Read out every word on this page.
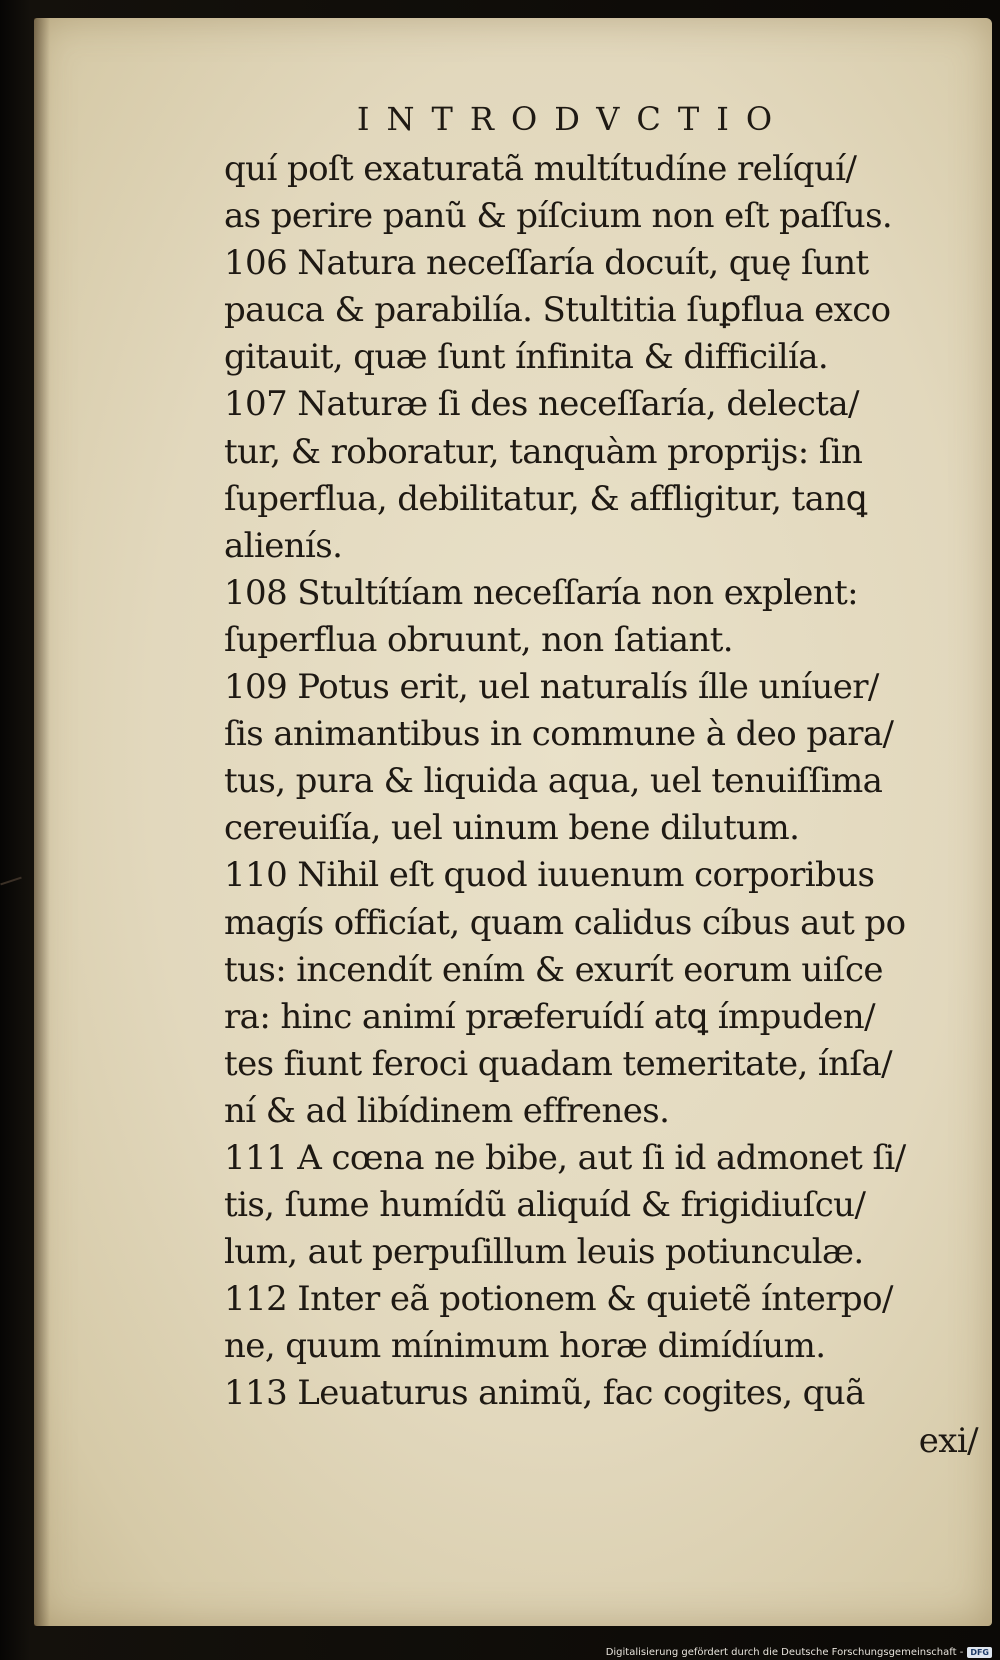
INTRODVCTIO
quí poſt exaturatã multítudíne relíquí/
as perire panũ & píſcium non eſt paſſus.
106 Natura neceſſaría docuít, quę ſunt
pauca & parabilía. Stultitia ſuꝑflua exco
gitauit, quæ ſunt ínfinita & difficilía.
107 Naturæ ſi des neceſſaría, delecta/
tur, & roboratur, tanquàm proprijs: ſin
ſuperflua, debilitatur, & affligitur, tanꝗ
alienís.
108 Stultítíam neceſſaría non explent:
ſuperflua obruunt, non ſatiant.
109 Potus erit, uel naturalís ílle uníuer/
ſis animantibus in commune à deo para/
tus, pura & liquida aqua, uel tenuiſſima
cereuiſía, uel uinum bene dilutum.
110 Nihil eſt quod iuuenum corporibus
magís officíat, quam calidus cíbus aut po
tus: incendít ením & exurít eorum uiſce
ra: hinc animí præferuídí atꝗ ímpuden/
tes fiunt feroci quadam temeritate, ínſa/
ní & ad libídinem effrenes.
111 A cœna ne bibe, aut ſi id admonet ſi/
tis, ſume humídũ aliquíd & frigidiuſcu/
lum, aut perpuſillum leuis potiunculæ.
112 Inter eã potionem & quietẽ ínterpo/
ne, quum mínimum horæ dimídíum.
113 Leuaturus animũ, fac cogites, quã
exi/
Digitalisierung gefördert durch die Deutsche Forschungsgemeinschaft - DFG
